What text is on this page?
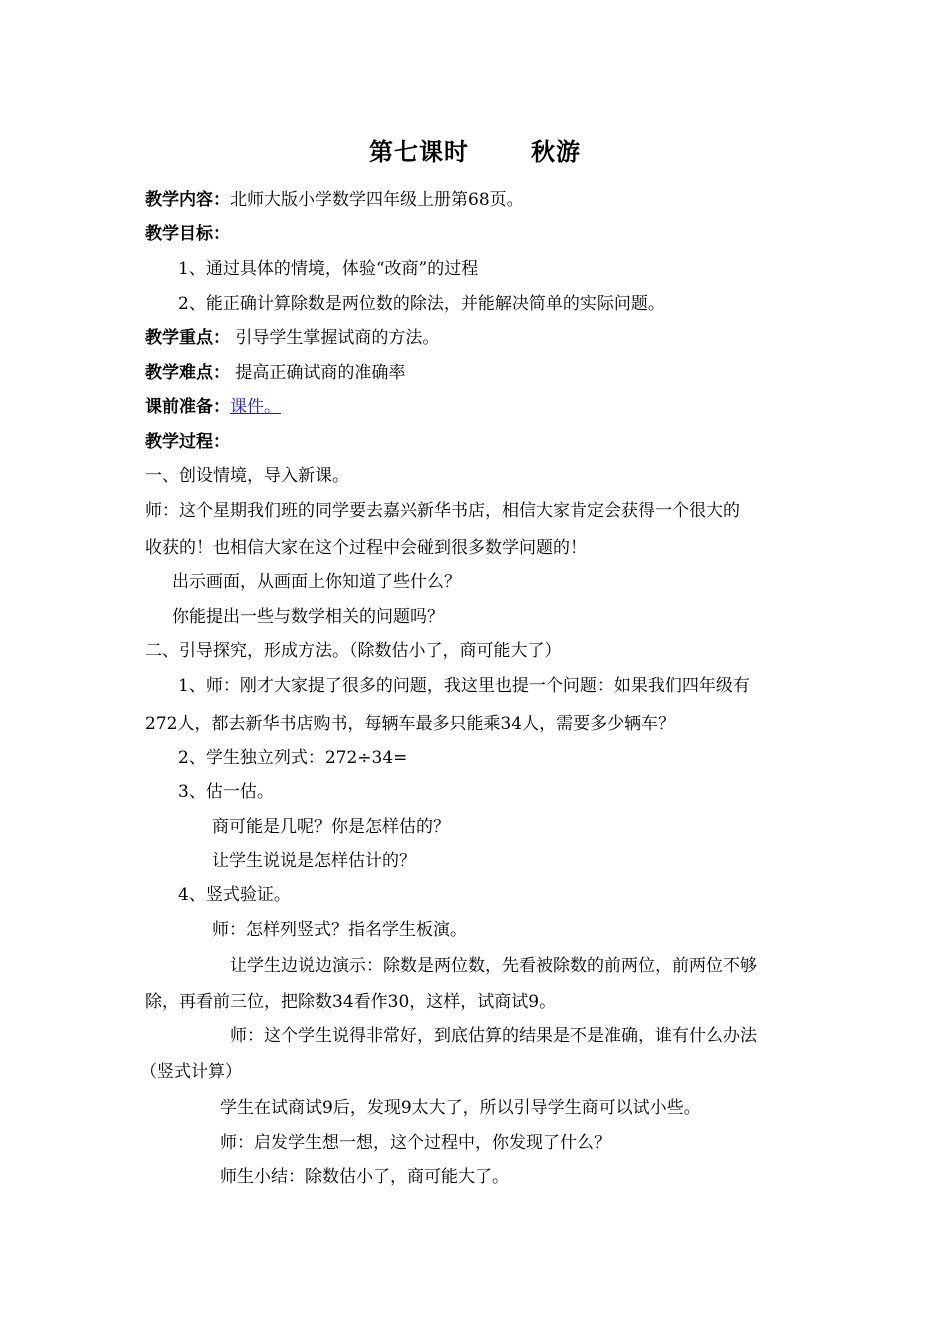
第七课时	秋游
教学内容：北师大版小学数学四年级上册第68页。
教学目标：
1、通过具体的情境，体验“改商”的过程
2、能正确计算除数是两位数的除法，并能解决简单的实际问题。
教学重点： 引导学生掌握试商的方法。
教学难点： 提高正确试商的准确率
课前准备：课件。
教学过程：
一、创设情境，导入新课。
师：这个星期我们班的同学要去嘉兴新华书店，相信大家肯定会获得一个很大的
收获的！也相信大家在这个过程中会碰到很多数学问题的！
出示画面，从画面上你知道了些什么？
你能提出一些与数学相关的问题吗？
二、引导探究，形成方法。（除数估小了，商可能大了）
1、师：刚才大家提了很多的问题，我这里也提一个问题：如果我们四年级有
272人，都去新华书店购书，每辆车最多只能乘34人，需要多少辆车？
2、学生独立列式：272÷34=
3、估一估。
商可能是几呢？你是怎样估的？
让学生说说是怎样估计的？
4、竖式验证。
师：怎样列竖式？指名学生板演。
让学生边说边演示：除数是两位数，先看被除数的前两位，前两位不够
除，再看前三位，把除数34看作30，这样，试商试9。
师：这个学生说得非常好，到底估算的结果是不是准确，谁有什么办法
（竖式计算）
学生在试商试9后，发现9太大了，所以引导学生商可以试小些。
师：启发学生想一想，这个过程中，你发现了什么？
师生小结：除数估小了，商可能大了。
